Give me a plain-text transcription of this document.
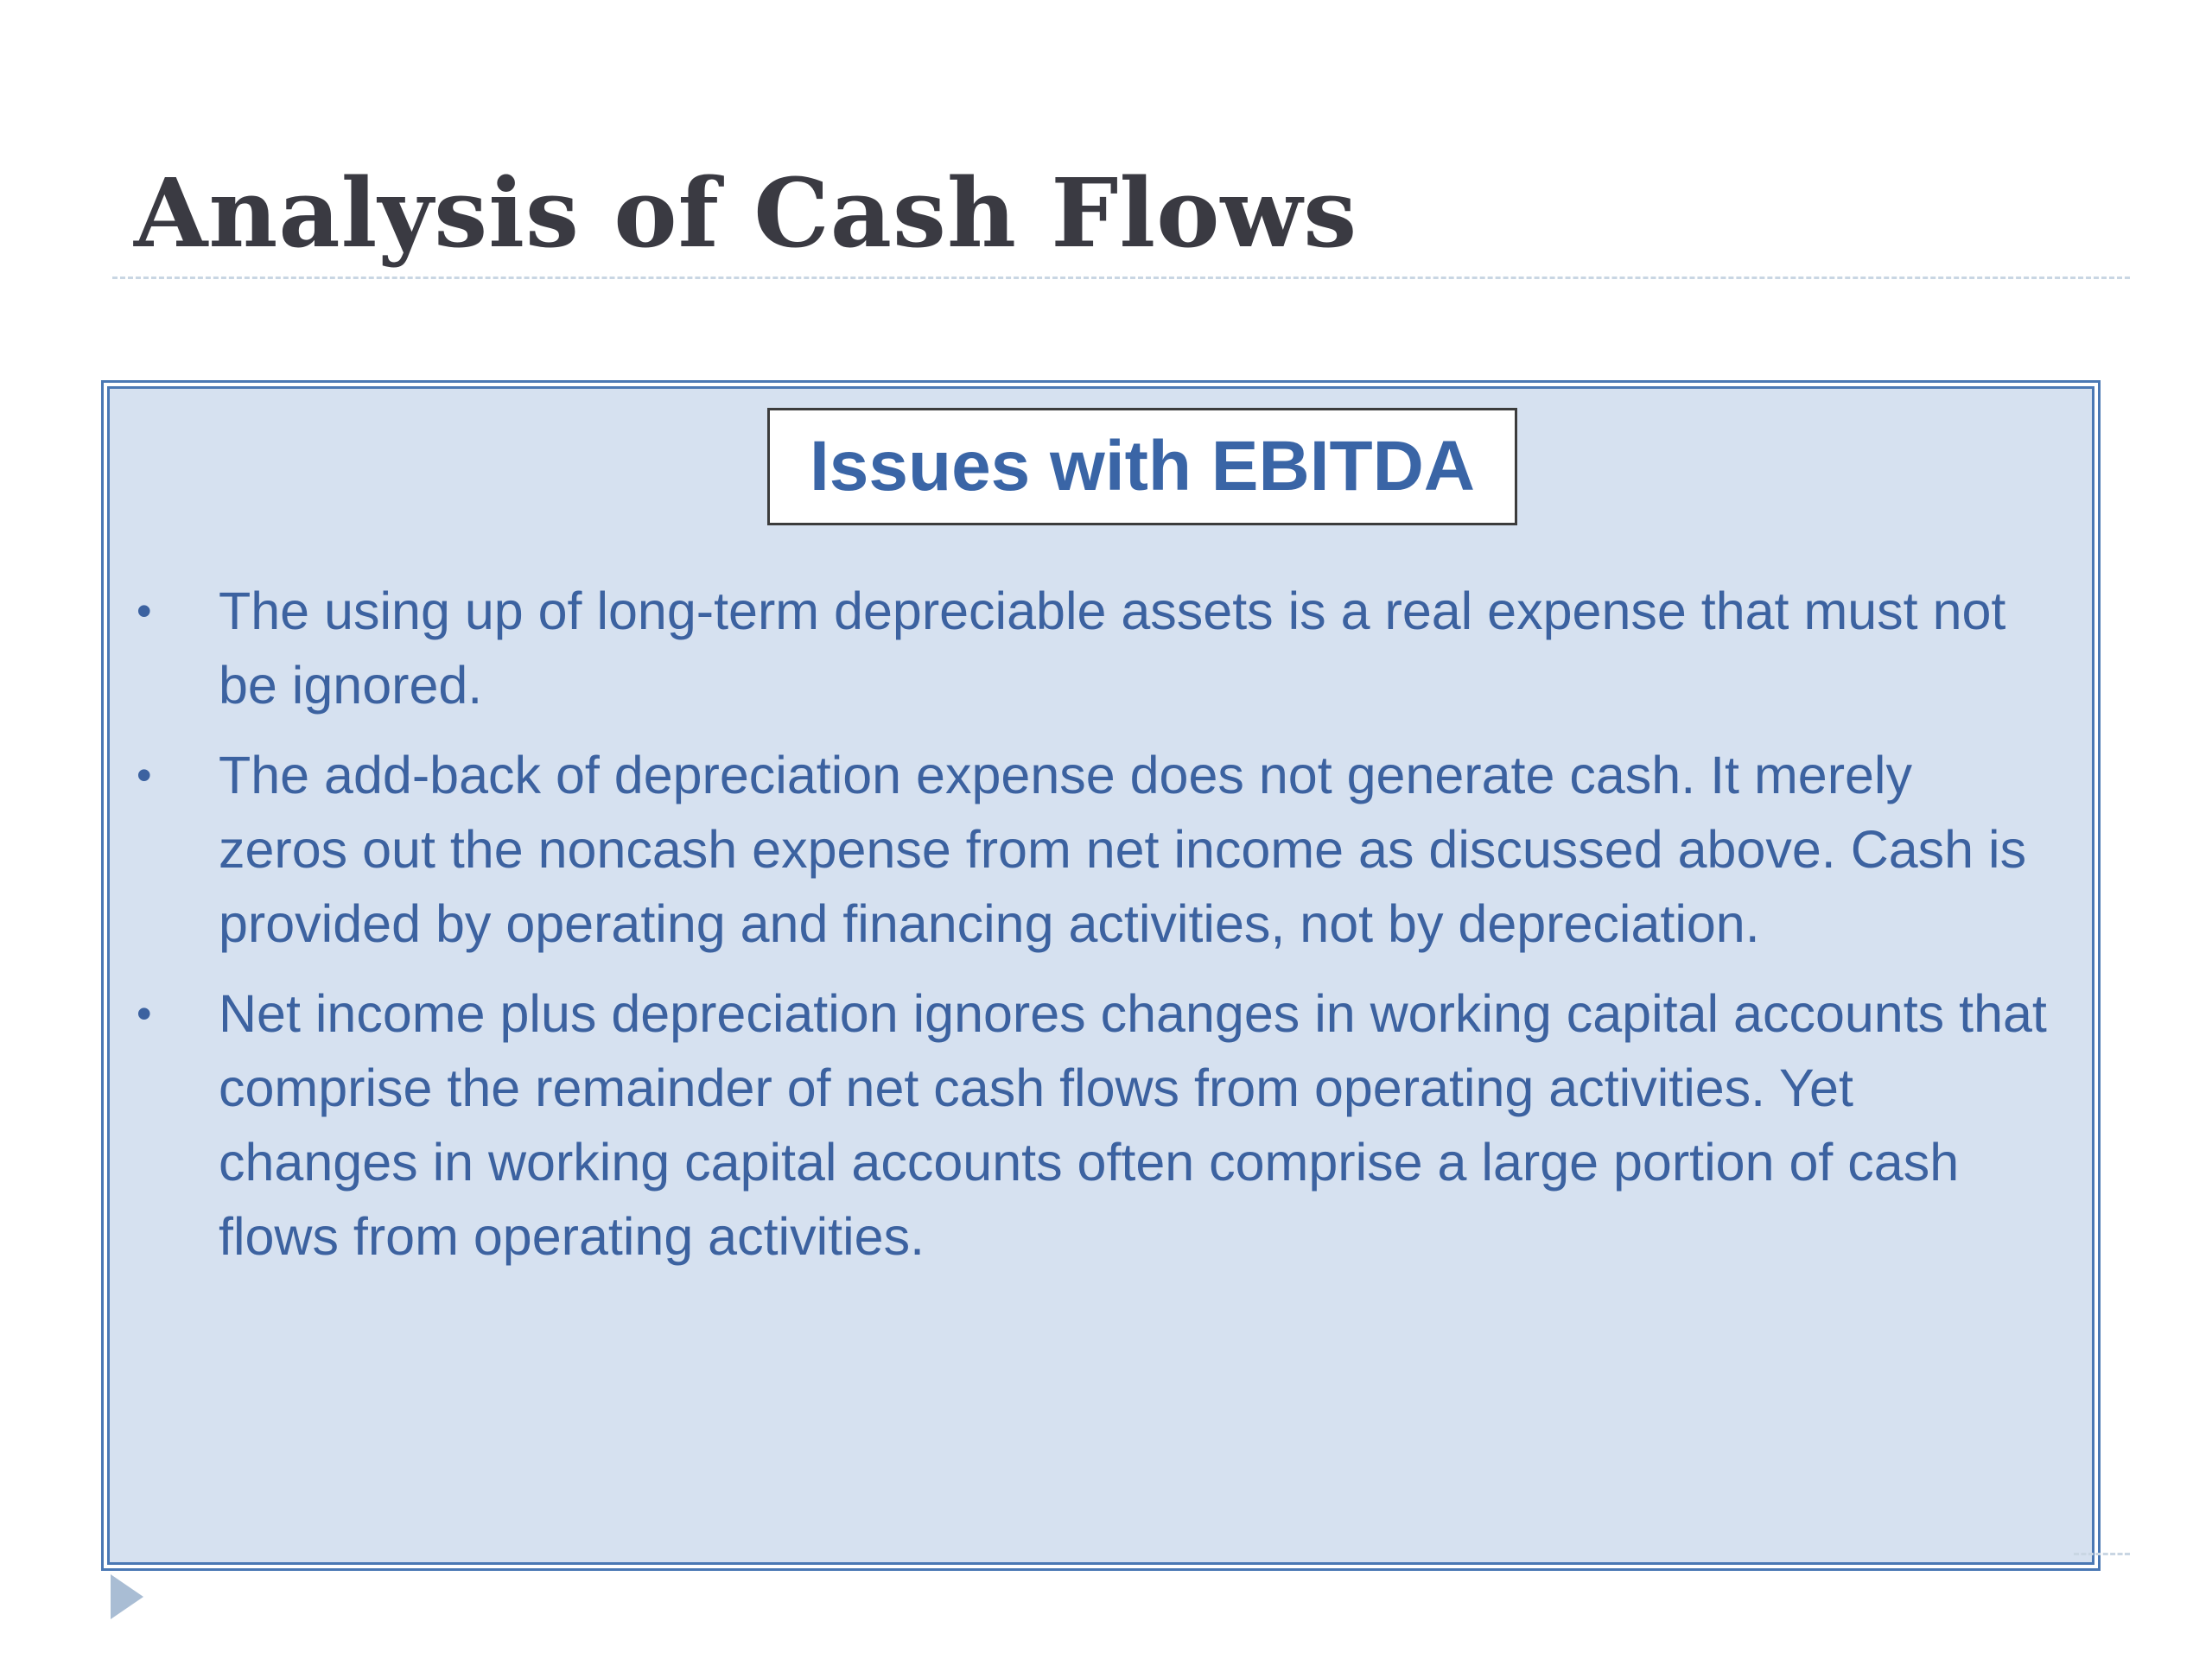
Analysis of Cash Flows
Issues with EBITDA
• The using up of long-term depreciable assets is a real expense that must not be ignored.
• The add-back of depreciation expense does not generate cash. It merely zeros out the noncash expense from net income as discussed above. Cash is provided by operating and financing activities, not by depreciation.
• Net income plus depreciation ignores changes in working capital accounts that comprise the remainder of net cash flows from operating activities. Yet changes in working capital accounts often comprise a large portion of cash flows from operating activities.
